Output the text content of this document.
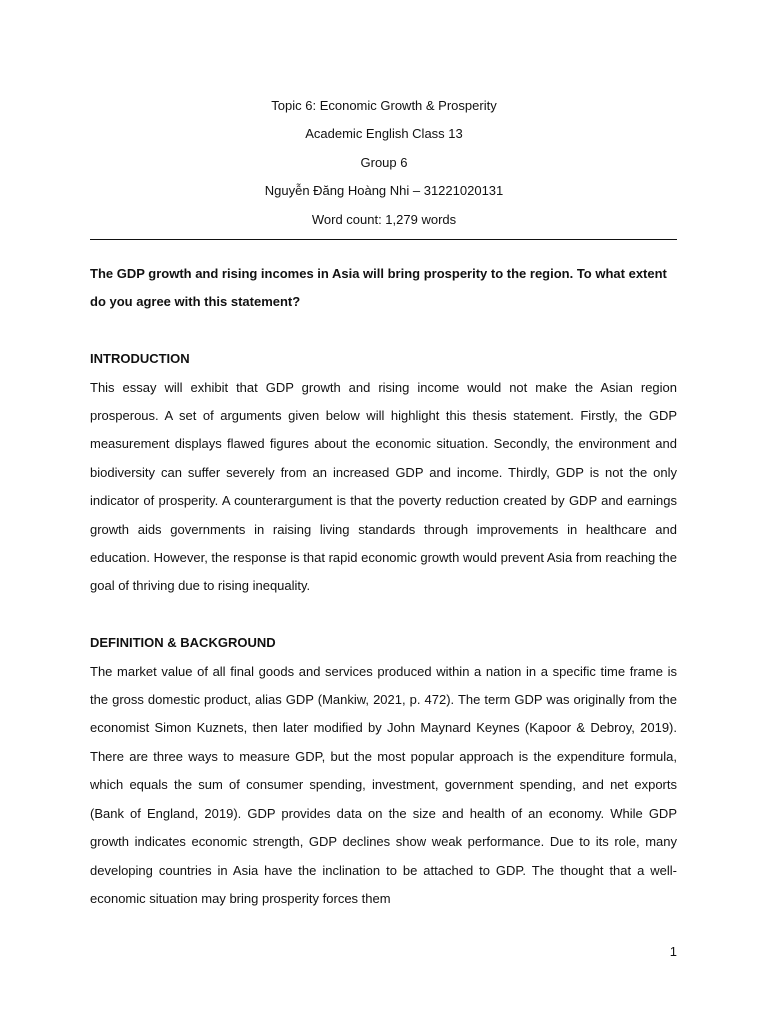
Topic 6: Economic Growth & Prosperity
Academic English Class 13
Group 6
Nguyễn Đăng Hoàng Nhi – 31221020131
Word count: 1,279 words

The GDP growth and rising incomes in Asia will bring prosperity to the region. To what extent do you agree with this statement?

INTRODUCTION

This essay will exhibit that GDP growth and rising income would not make the Asian region prosperous. A set of arguments given below will highlight this thesis statement. Firstly, the GDP measurement displays flawed figures about the economic situation. Secondly, the environment and biodiversity can suffer severely from an increased GDP and income. Thirdly, GDP is not the only indicator of prosperity. A counterargument is that the poverty reduction created by GDP and earnings growth aids governments in raising living standards through improvements in healthcare and education. However, the response is that rapid economic growth would prevent Asia from reaching the goal of thriving due to rising inequality.

DEFINITION & BACKGROUND

The market value of all final goods and services produced within a nation in a specific time frame is the gross domestic product, alias GDP (Mankiw, 2021, p. 472). The term GDP was originally from the economist Simon Kuznets, then later modified by John Maynard Keynes (Kapoor & Debroy, 2019). There are three ways to measure GDP, but the most popular approach is the expenditure formula, which equals the sum of consumer spending, investment, government spending, and net exports (Bank of England, 2019). GDP provides data on the size and health of an economy. While GDP growth indicates economic strength, GDP declines show weak performance. Due to its role, many developing countries in Asia have the inclination to be attached to GDP. The thought that a well-economic situation may bring prosperity forces them

1
